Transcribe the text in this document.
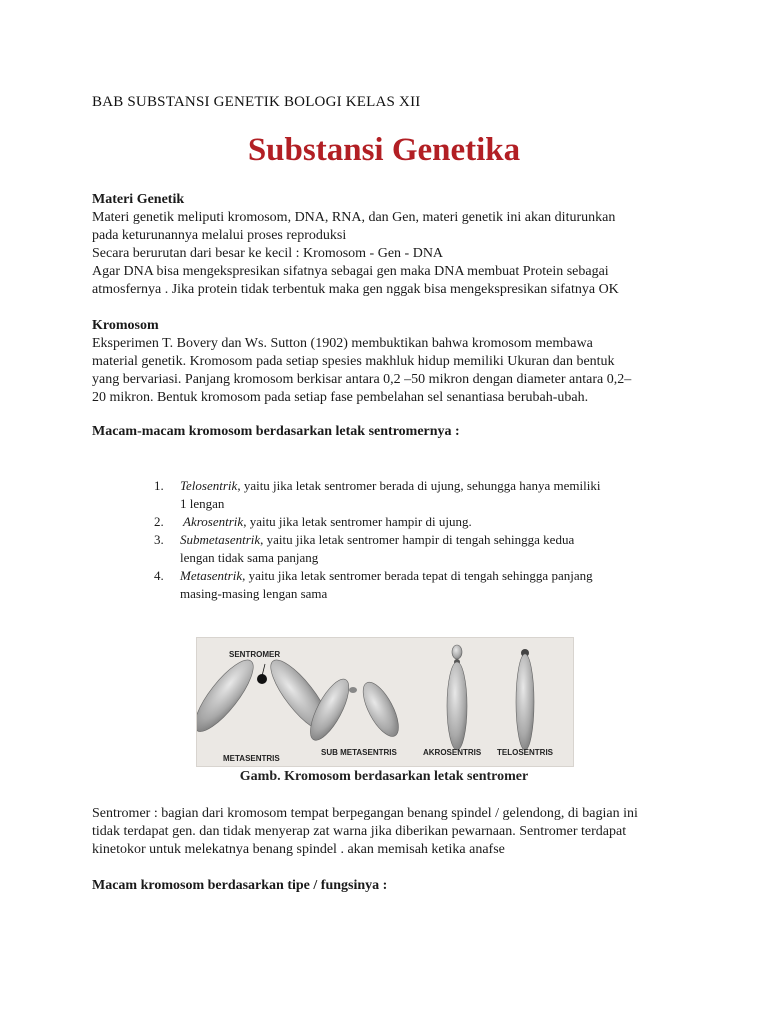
BAB SUBSTANSI GENETIK BOLOGI KELAS XII
Substansi Genetika

Materi Genetik

Materi genetik meliputi kromosom, DNA, RNA, dan Gen, materi genetik ini akan diturunkan

pada keturunannya melalui proses reproduksi

Secara berurutan dari besar ke kecil : Kromosom - Gen - DNA

Agar DNA bisa mengekspresikan sifatnya sebagai gen maka DNA membuat Protein sebagai

atmosfernya . Jika protein tidak terbentuk maka gen nggak bisa mengekspresikan sifatnya OK

Kromosom

Eksperimen T. Bovery dan Ws. Sutton (1902) membuktikan bahwa kromosom membawa

material genetik. Kromosom pada setiap spesies makhluk hidup memiliki Ukuran dan bentuk

yang bervariasi. Panjang kromosom berkisar antara 0,2 –50 mikron dengan diameter antara 0,2–

20 mikron. Bentuk kromosom pada setiap fase pembelahan sel senantiasa berubah-ubah.

Macam-macam kromosom berdasarkan letak sentromernya :
1.	Telosentrik, yaitu jika letak sentromer berada di ujung, sehungga hanya memiliki
1 lengan
2.	Akrosentrik, yaitu jika letak sentromer hampir di ujung.
3.	Submetasentrik, yaitu jika letak sentromer hampir di tengah sehingga kedua
lengan tidak sama panjang
4.	Metasentrik, yaitu jika letak sentromer berada tepat di tengah sehingga panjang
masing-masing lengan sama
SENTROMER
METASENTRIS
SUB METASENTRIS	AKROSENTRIS TELOSENTRIS
Gamb. Kromosom berdasarkan letak sentromer

Sentromer : bagian dari kromosom tempat berpegangan benang spindel / gelendong, di bagian ini

tidak terdapat gen. dan tidak menyerap zat warna jika diberikan pewarnaan. Sentromer terdapat

kinetokor untuk melekatnya benang spindel . akan memisah ketika anafse

Macam kromosom berdasarkan tipe / fungsinya :
